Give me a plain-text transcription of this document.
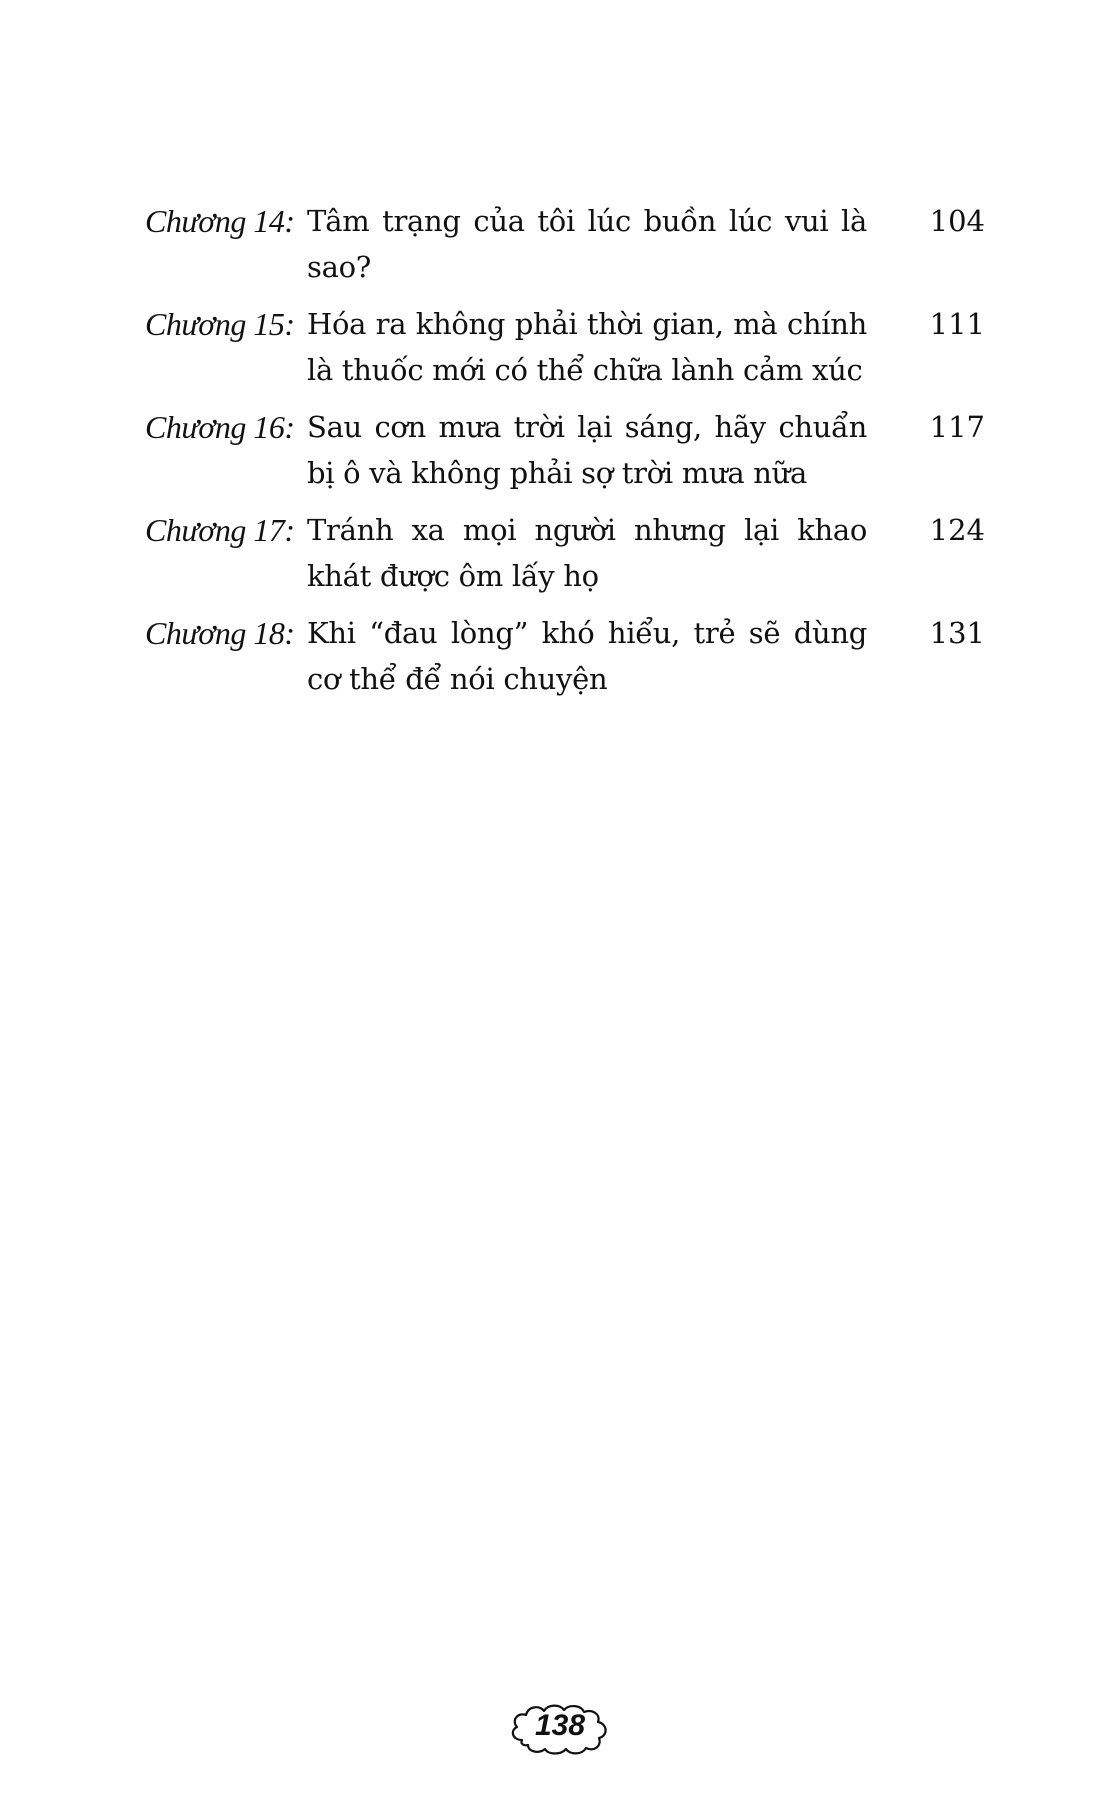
Chương 14: Tâm trạng của tôi lúc buồn lúc vui là sao?
104
Chương 15: Hóa ra không phải thời gian, mà chính là thuốc mới có thể chữa lành cảm xúc
111
Chương 16: Sau cơn mưa trời lại sáng, hãy chuẩn bị ô và không phải sợ trời mưa nữa
117
Chương 17: Tránh xa mọi người nhưng lại khao khát được ôm lấy họ
124
Chương 18: Khi “đau lòng” khó hiểu, trẻ sẽ dùng cơ thể để nói chuyện
131
138
